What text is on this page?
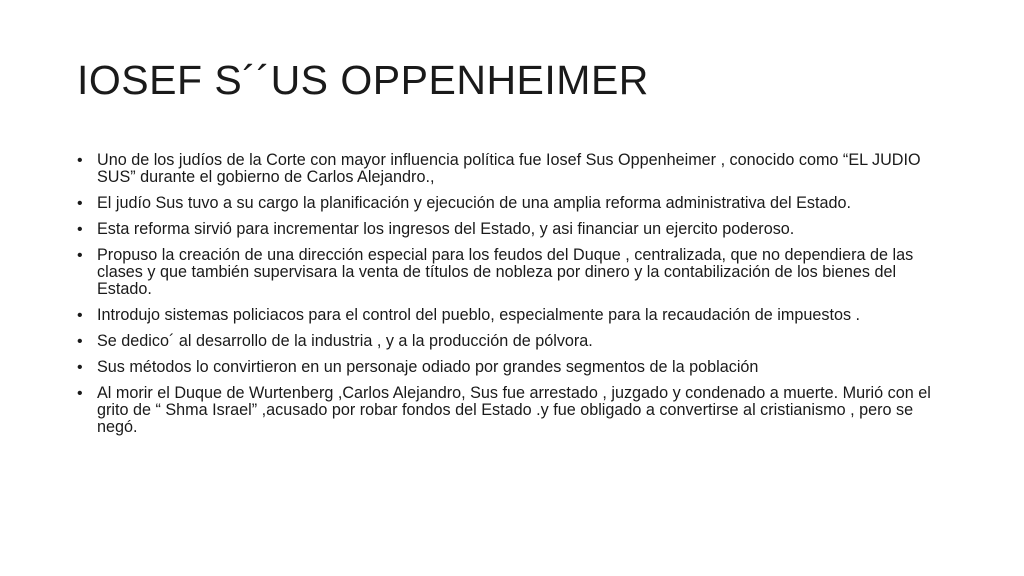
IOSEF S´´US OPPENHEIMER
• Uno de los judíos de la Corte con mayor influencia política fue Iosef Sus Oppenheimer , conocido como “EL JUDIO SUS” durante el gobierno de Carlos Alejandro.,
• El judío Sus tuvo a su cargo la planificación y ejecución de una amplia reforma administrativa del Estado.
• Esta reforma sirvió para incrementar los ingresos del Estado, y asi financiar un ejercito poderoso.
• Propuso la creación de una dirección especial para los feudos del Duque , centralizada, que no dependiera de las clases y que también supervisara la venta de títulos de nobleza por dinero y la contabilización de los bienes del Estado.
• Introdujo sistemas policiacos para el control del pueblo, especialmente para la recaudación de impuestos .
• Se dedico´ al desarrollo de la industria , y a la producción de pólvora.
• Sus métodos lo convirtieron en un personaje odiado por grandes segmentos de la población
• Al morir el Duque de Wurtenberg ,Carlos Alejandro, Sus fue arrestado , juzgado y condenado a muerte. Murió con el grito de “ Shma Israel” ,acusado por robar fondos del Estado .y fue obligado a convertirse al cristianismo , pero se negó.
